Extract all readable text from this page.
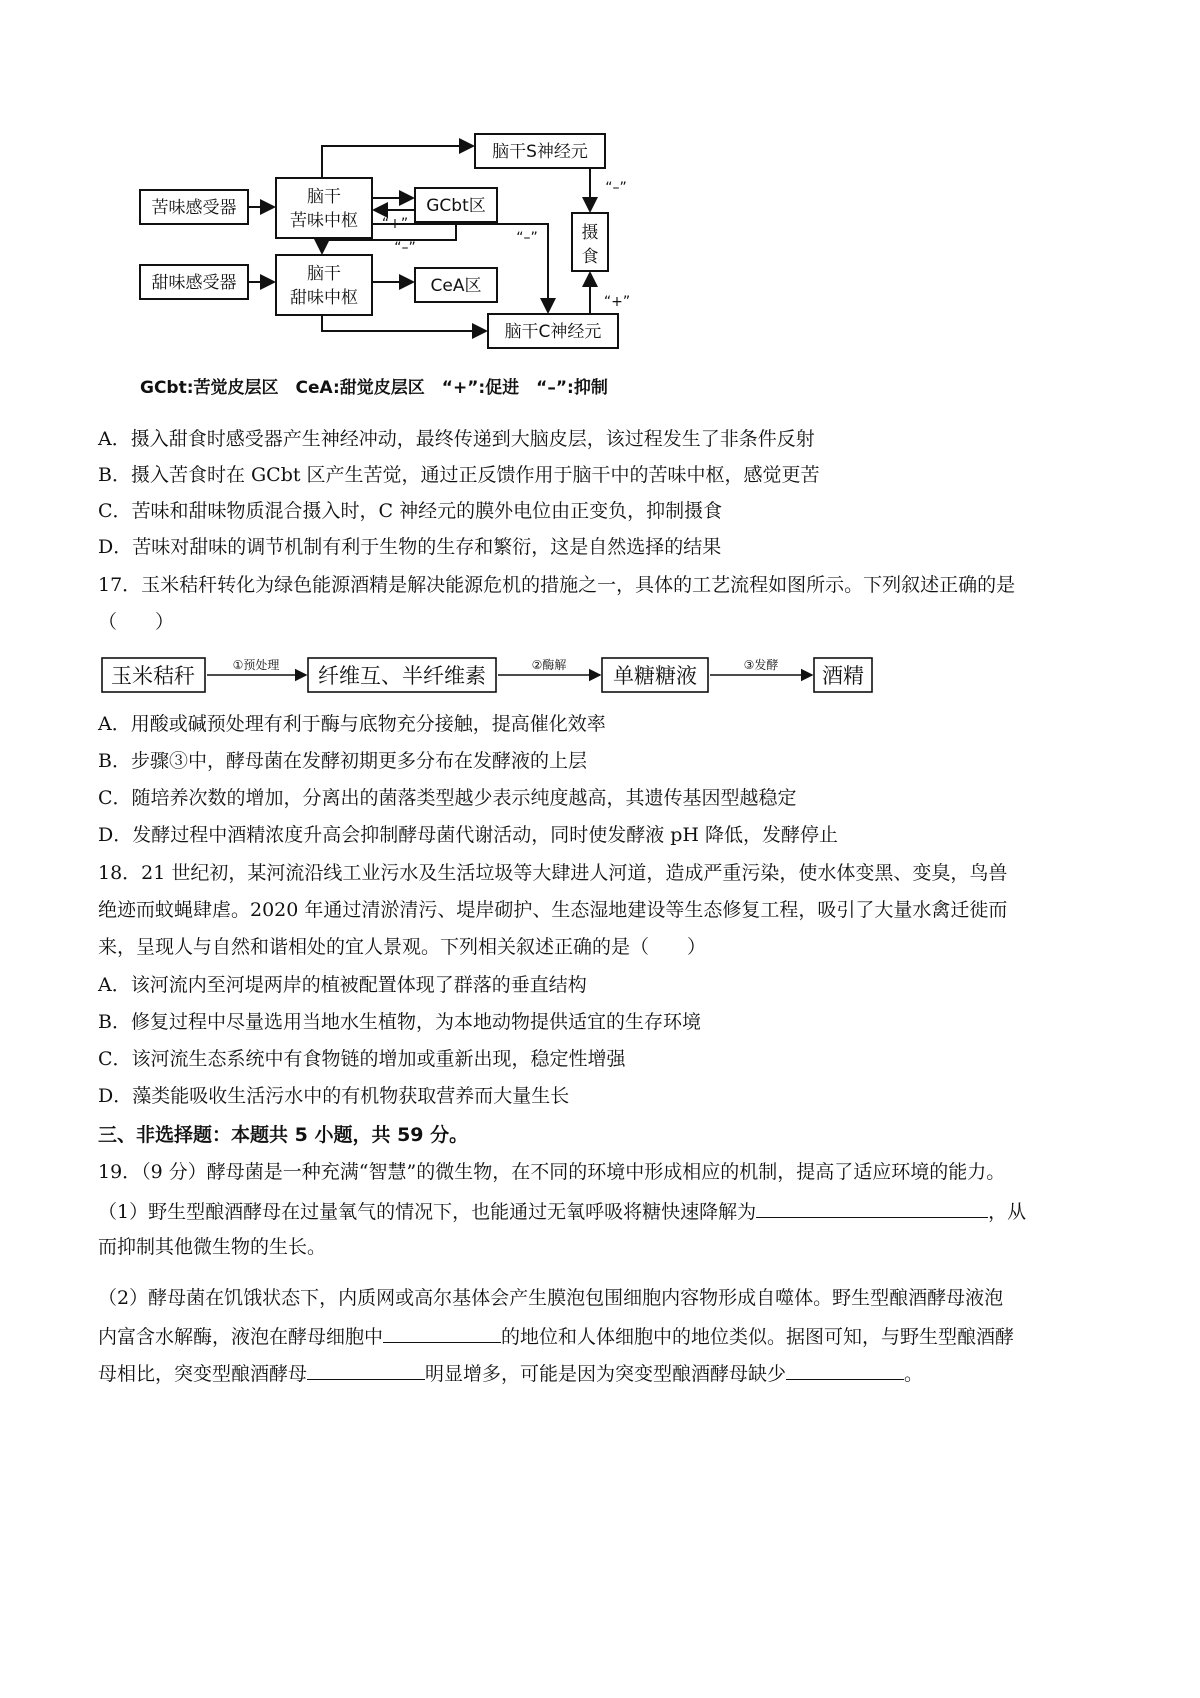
苦味感受器
甜味感受器
脑干
苦味中枢
脑干
甜味中枢
GCbt区
CeA区
脑干S神经元
脑干C神经元
摄
食
“–”
“+”
“–”
“–”
“+”
GCbt:苦觉皮层区　CeA:甜觉皮层区　“+”:促进　“–”:抑制
A．摄入甜食时感受器产生神经冲动，最终传递到大脑皮层，该过程发生了非条件反射
B．摄入苦食时在 GCbt 区产生苦觉，通过正反馈作用于脑干中的苦味中枢，感觉更苦
C．苦味和甜味物质混合摄入时，C 神经元的膜外电位由正变负，抑制摄食
D．苦味对甜味的调节机制有利于生物的生存和繁衍，这是自然选择的结果
17．玉米秸秆转化为绿色能源酒精是解决能源危机的措施之一，具体的工艺流程如图所示。下列叙述正确的是
（　　）
玉米秸秆	纤维互、半纤维素	单糖糖液	酒精
①预处理	②酶解	③发酵
A．用酸或碱预处理有利于酶与底物充分接触，提高催化效率
B．步骤③中，酵母菌在发酵初期更多分布在发酵液的上层
C．随培养次数的增加，分离出的菌落类型越少表示纯度越高，其遗传基因型越稳定
D．发酵过程中酒精浓度升高会抑制酵母菌代谢活动，同时使发酵液 pH 降低，发酵停止
18．21 世纪初，某河流沿线工业污水及生活垃圾等大肆进人河道，造成严重污染，使水体变黑、变臭，鸟兽
绝迹而蚊蝇肆虐。2020 年通过清淤清污、堤岸砌护、生态湿地建设等生态修复工程，吸引了大量水禽迁徙而
来，呈现人与自然和谐相处的宜人景观。下列相关叙述正确的是（　　）
A．该河流内至河堤两岸的植被配置体现了群落的垂直结构
B．修复过程中尽量选用当地水生植物，为本地动物提供适宜的生存环境
C．该河流生态系统中有食物链的增加或重新出现，稳定性增强
D．藻类能吸收生活污水中的有机物获取营养而大量生长
三、非选择题：本题共 5 小题，共 59 分。
19．（9 分）酵母菌是一种充满“智慧”的微生物，在不同的环境中形成相应的机制，提高了适应环境的能力。
（1）野生型酿酒酵母在过量氧气的情况下，也能通过无氧呼吸将糖快速降解为	，从
而抑制其他微生物的生长。
（2）酵母菌在饥饿状态下，内质网或高尔基体会产生膜泡包围细胞内容物形成自噬体。野生型酿酒酵母液泡
内富含水解酶，液泡在酵母细胞中	的地位和人体细胞中的地位类似。据图可知，与野生型酿酒酵
母相比，突变型酿酒酵母	明显增多，可能是因为突变型酿酒酵母缺少	。
